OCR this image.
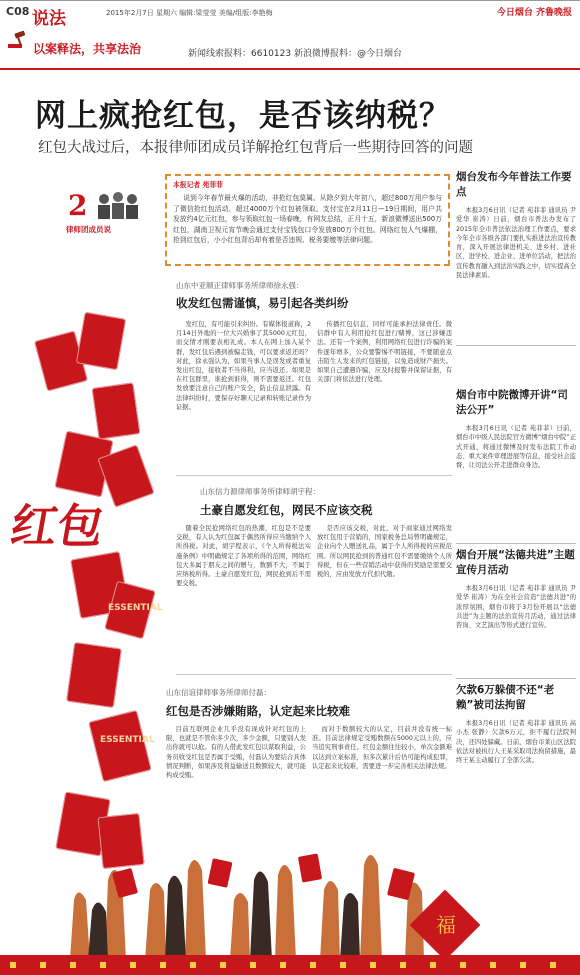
C08 说法
以案释法，共享法治
2015年2月7日 星期六 编辑:梁莹莹 美编/组版:李艳梅	今日烟台 齐鲁晚报
新闻线索报料：6610123 新浪微博报料：@今日烟台
网上疯抢红包，是否该纳税？
红包大战过后，本报律师团成员详解抢红包背后一些期待回答的问题
ESSENTIAL
ESSENTIAL
红包
2
律师团成员说
本报记者 苑菲菲
说到今年春节最火爆的活动，非抢红包莫属。从除夕到大年初八，超过800万用户参与了微信抢红包活动，超过4000万个红包被领取。支付宝在2月11日—19日期间，用户共发放约4亿元红包，参与领取红包一场春晚，有网友总结，正月十五，新浪微博送出500万红包，湖南卫视元宵节晚会通过支付宝钱包口令发放800万个红包。网络红包人气爆棚，抢到红包后，小小红包背后却有着是否违规、税务要缴等法律问题。
山东中亚顺正律师事务所律师徐永强：
收发红包需谨慎，易引起各类纠纷
发红包，有可能引来纠纷。有媒体报道称，2月14日外地的一位大兴婚事了其5000元红包，而交情才刚要表相礼成。本人在网上加入某个群，发红包后遇到被骗走钱，可以要求返还吗？对此，徐永强认为，如果当事人是误发或者重复发出红包，接收者不当得利，应当返还。如果是在红包群里，谁抢到谁得，则不需要返还。红包发放要注意自己的账户安全，防止信息泄露。有法律纠纷时，要保存好聊天记录和转账记录作为证据。
传播红包信息，同样可能承担法律责任。微信群中有人利用抢红包进行赌博，这已涉嫌违法。还有一个案例，利用网络红包进行诈骗的案件逐年增多，公众要警惕不明链接，不要随意点击陌生人发来的红包链接，以免造成财产损失。如果自己遭遇诈骗，应及时报警并保留证据，有关部门将依法进行处理。
山东信力源律师事务所律师胡宇程：
土豪自愿发红包，网民不应该交税
随着全民抢网络红包的热潮，红包是不是要交税，有人认为红包属于偶然所得应当缴纳个人所得税。对此，胡宇程表示，《个人所得税法实施条例》中明确规定了各项所得的范围，网络红包大多属于朋友之间的赠与，数额不大，不属于应纳税所得。土豪自愿发红包，网民抢到后不需要交税。
是否应该交税，对此，对于商家通过网络发放红包用于营销的，国家税务总局曾明确规定，企业向个人赠送礼品，属于个人所得税的应税范围。所以网民抢到的普通红包不需要缴纳个人所得税，但在一些营销活动中获得的奖励是需要交税的，应由发放方代扣代缴。
山东信谊律师事务所律师付磊：
红包是否涉嫌賄賂，认定起来比较难
目前互联网企业几乎没有现成针对红包的上限，也就是不管你多少次，多少金额，只要别人发出你就可以抢。有的人借此发红包以谋取利益，公务员收受红包是否属于受贿，付磊认为要结合具体情况判断，如果涉及利益输送且数额较大，就可能构成受贿。
而对于数额较大的认定，目前并没有统一标准。目前法律规定受贿数额在5000元以上的，应当追究刑事责任。红包金额往往较小，单次金额难以达到立案标准，但多次累计后仍可能构成犯罪，认定起来比较难，需要进一步完善相关法律法规。
烟台发布今年普法工作要点
本报3月6日讯（记者 苑菲菲 通讯员 尹爱华 崔涛）日前，烟台市普法办发布了2015年全市普法依法治理工作要点，要求今年全市各级各部门要扎实推进法治宣传教育，深入开展法律进机关、进乡村、进社区、进学校、进企业、进单位活动，把法治宣传教育融入到法治实践之中，切实提高全民法律素质。
烟台市中院微博开讲“司法公开”
本报3月6日讯（记者 苑菲菲）日前，烟台市中级人民法院官方微博“烟台中院”正式开通，将通过微博及时发布法院工作动态、重大案件审理进展等信息，接受社会监督，让司法公开走进群众身边。
烟台开展“法德共进”主题宣传月活动
本报3月6日讯（记者 苑菲菲 通讯员 尹爱华 崔涛）为在全社会营造“法德共进”的浓厚氛围，烟台市将于3月份开展以“法德共进”为主题的法治宣传月活动，通过法律咨询、文艺演出等形式进行宣传。
欠款6万躲债不还“老赖”被司法拘留
本报3月6日讯（记者 苑菲菲 通讯员 高小杰 张静）欠款6万元，拒不履行法院判决，还四处躲藏。日前，烟台市莱山区法院依法对被执行人王某采取司法拘留措施，最终王某主动履行了全部欠款。
福
